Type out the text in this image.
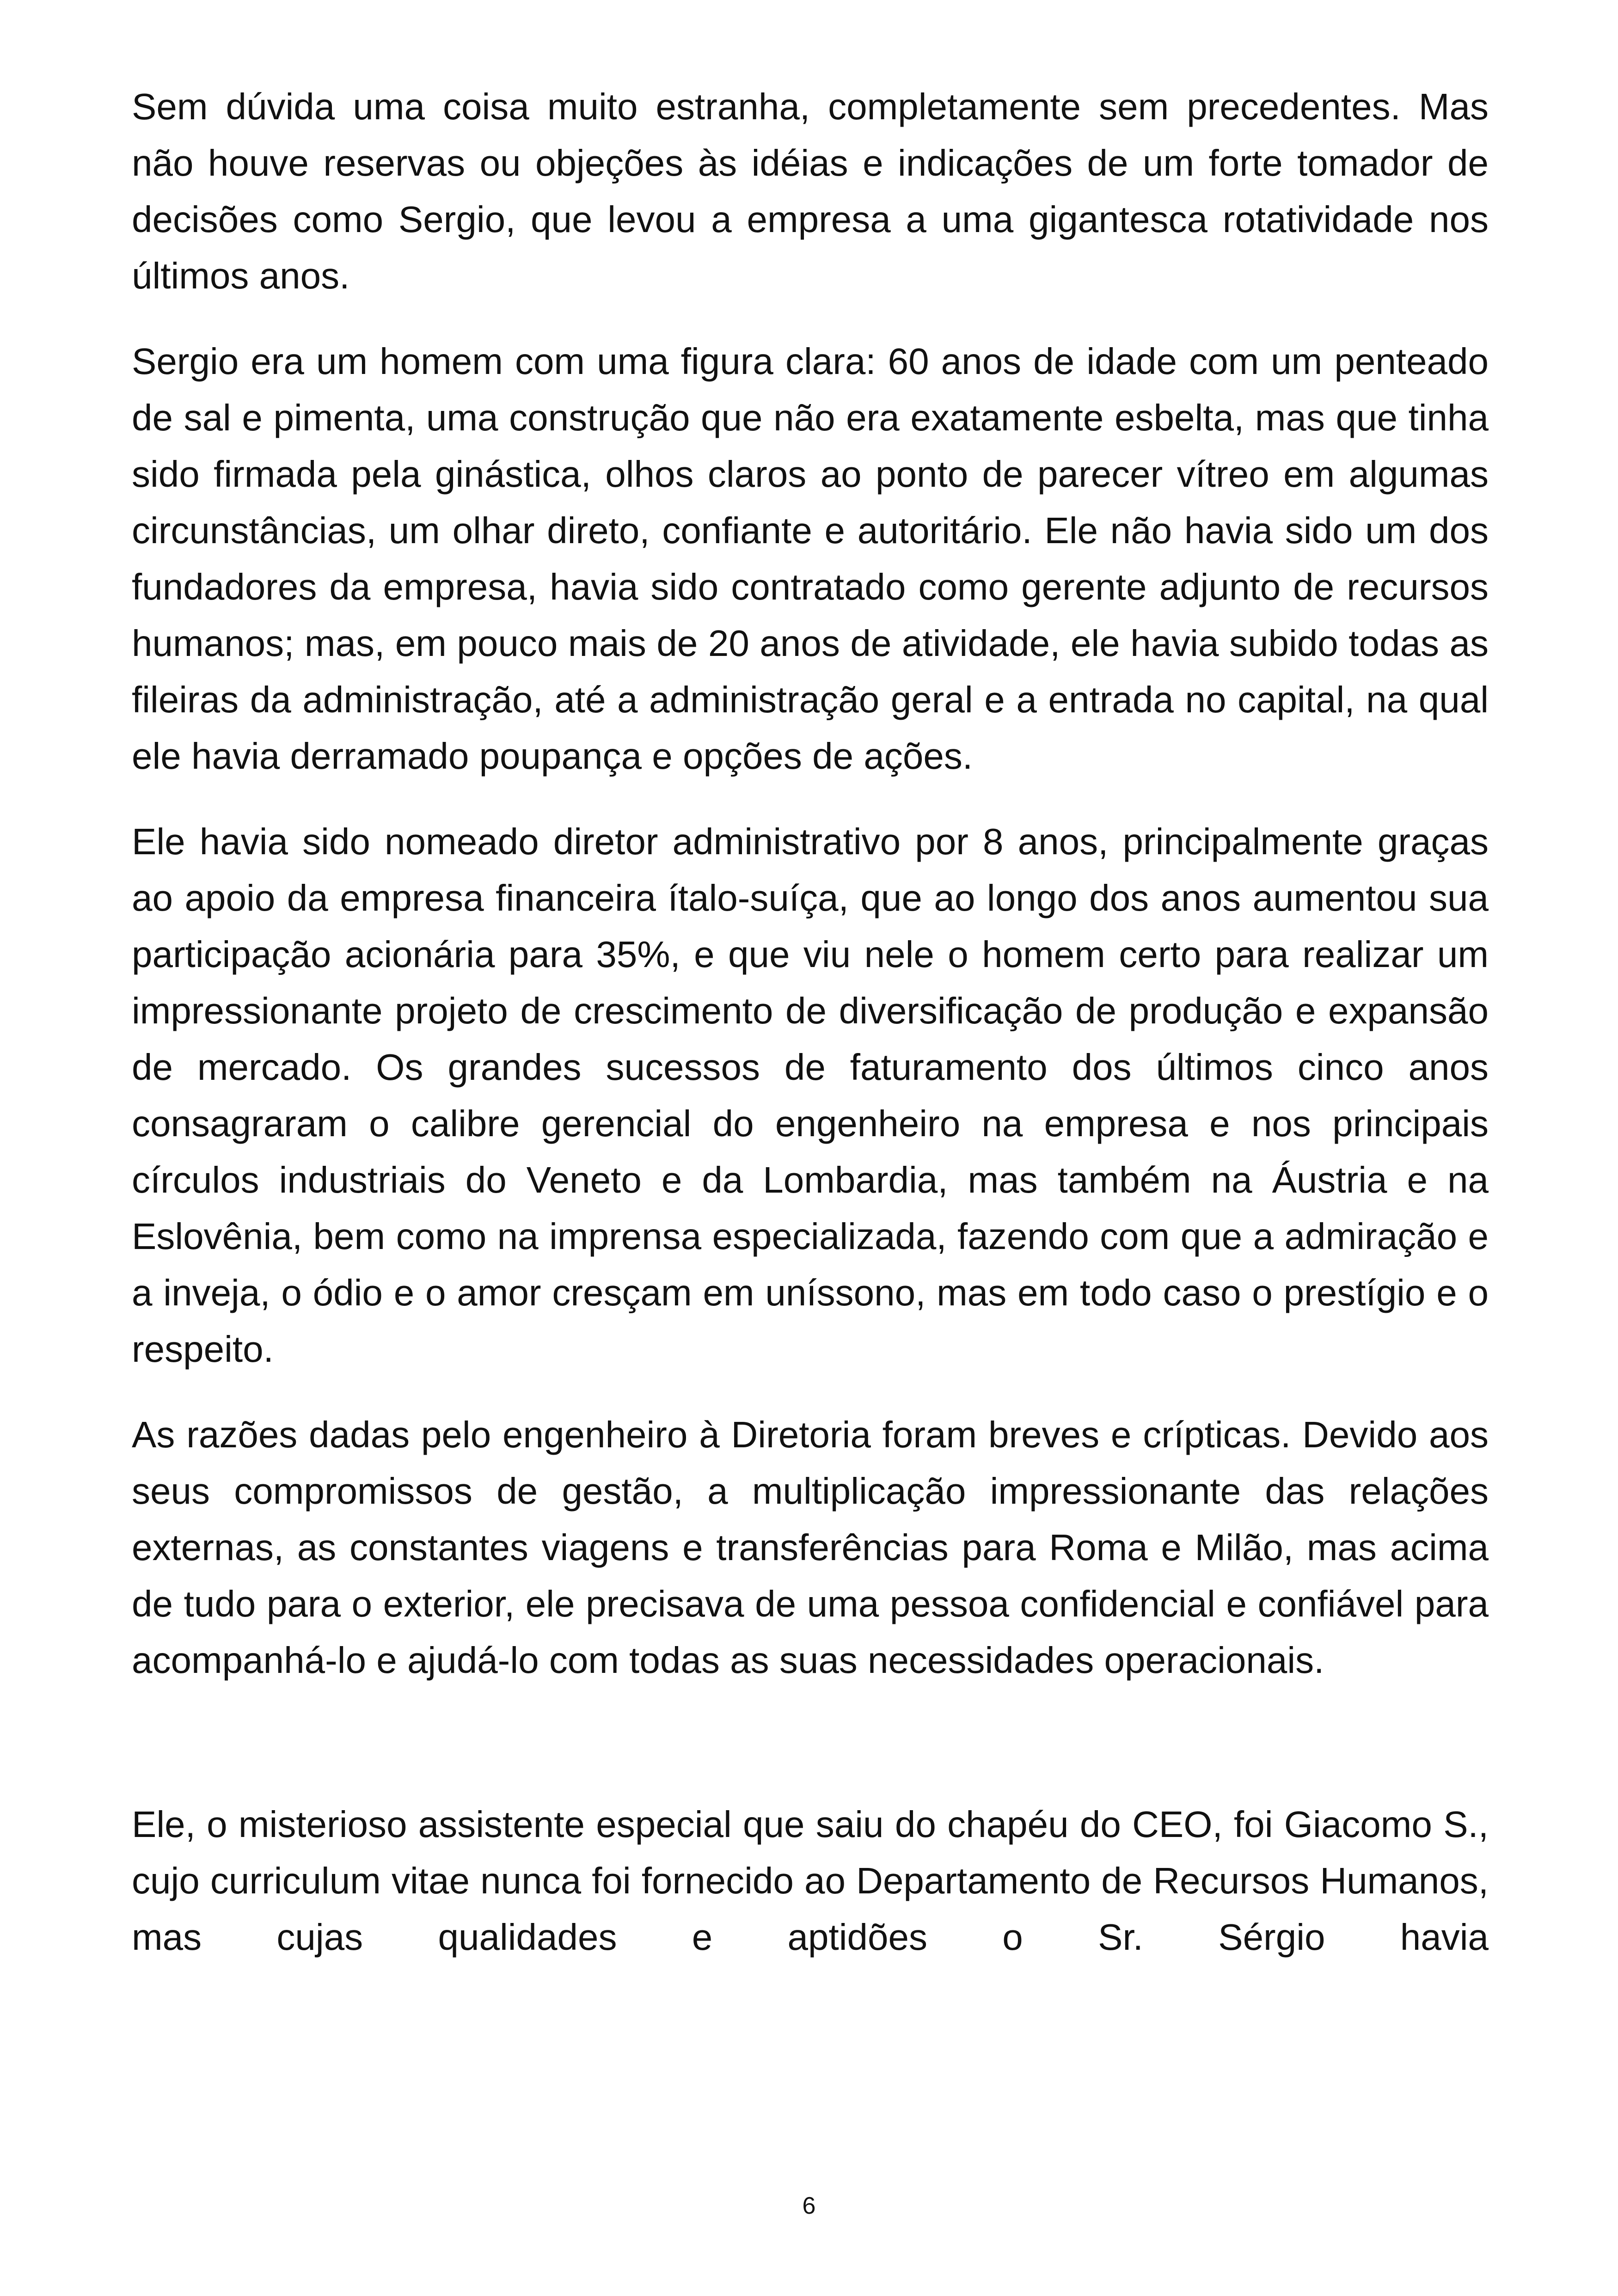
Sem dúvida uma coisa muito estranha, completamente sem precedentes. Mas não houve reservas ou objeções às idéias e indicações de um forte tomador de decisões como Sergio, que levou a empresa a uma gigantesca rotatividade nos últimos anos.

Sergio era um homem com uma figura clara: 60 anos de idade com um penteado de sal e pimenta, uma construção que não era exatamente esbelta, mas que tinha sido firmada pela ginástica, olhos claros ao ponto de parecer vítreo em algumas circunstâncias, um olhar direto, confiante e autoritário. Ele não havia sido um dos fundadores da empresa, havia sido contratado como gerente adjunto de recursos humanos; mas, em pouco mais de 20 anos de atividade, ele havia subido todas as fileiras da administração, até a administração geral e a entrada no capital, na qual ele havia derramado poupança e opções de ações.

Ele havia sido nomeado diretor administrativo por 8 anos, principalmente graças ao apoio da empresa financeira ítalo-suíça, que ao longo dos anos aumentou sua participação acionária para 35%, e que viu nele o homem certo para realizar um impressionante projeto de crescimento de diversificação de produção e expansão de mercado. Os grandes sucessos de faturamento dos últimos cinco anos consagraram o calibre gerencial do engenheiro na empresa e nos principais círculos industriais do Veneto e da Lombardia, mas também na Áustria e na Eslovênia, bem como na imprensa especializada, fazendo com que a admiração e a inveja, o ódio e o amor cresçam em uníssono, mas em todo caso o prestígio e o respeito.

As razões dadas pelo engenheiro à Diretoria foram breves e crípticas. Devido aos seus compromissos de gestão, a multiplicação impressionante das relações externas, as constantes viagens e transferências para Roma e Milão, mas acima de tudo para o exterior, ele precisava de uma pessoa confidencial e confiável para acompanhá-lo e ajudá-lo com todas as suas necessidades operacionais.

Ele, o misterioso assistente especial que saiu do chapéu do CEO, foi Giacomo S., cujo curriculum vitae nunca foi fornecido ao Departamento de Recursos Humanos, mas cujas qualidades e aptidões o Sr. Sérgio havia

6
